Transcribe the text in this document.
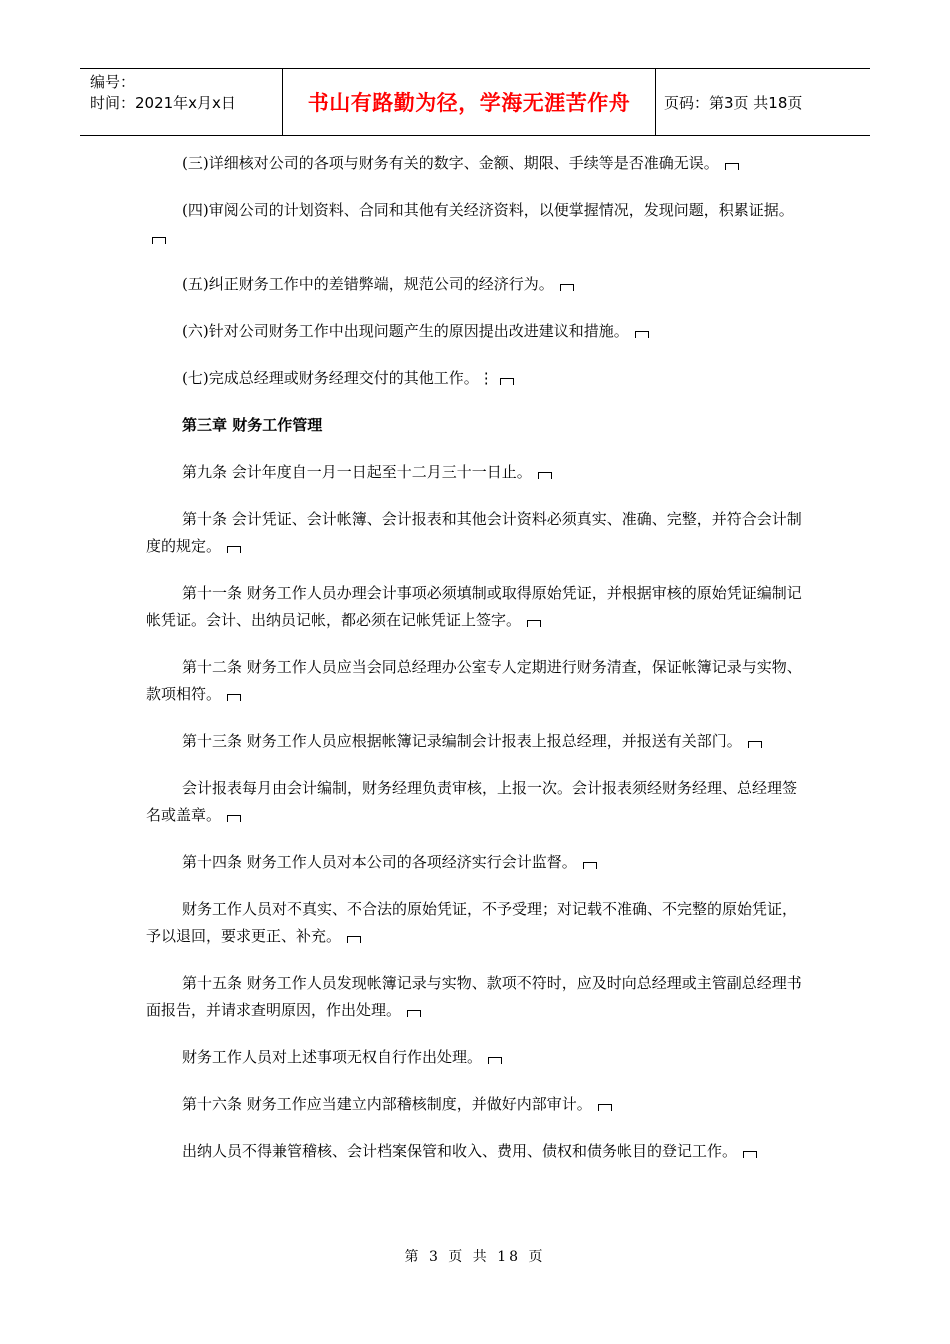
编号：
时间：2021年x月x日	书山有路勤为径，学海无涯苦作舟	页码：第3页 共18页

(三)详细核对公司的各项与财务有关的数字、金额、期限、手续等是否准确无误。

(四)审阅公司的计划资料、合同和其他有关经济资料，以便掌握情况，发现问题，积累证据。

(五)纠正财务工作中的差错弊端，规范公司的经济行为。

(六)针对公司财务工作中出现问题产生的原因提出改进建议和措施。

(七)完成总经理或财务经理交付的其他工作。⋮

第三章 财务工作管理

第九条 会计年度自一月一日起至十二月三十一日止。

第十条 会计凭证、会计帐簿、会计报表和其他会计资料必须真实、准确、完整，并符合会计制度的规定。

第十一条 财务工作人员办理会计事项必须填制或取得原始凭证，并根据审核的原始凭证编制记帐凭证。会计、出纳员记帐，都必须在记帐凭证上签字。

第十二条 财务工作人员应当会同总经理办公室专人定期进行财务清查，保证帐簿记录与实物、款项相符。

第十三条 财务工作人员应根据帐簿记录编制会计报表上报总经理，并报送有关部门。

会计报表每月由会计编制，财务经理负责审核，上报一次。会计报表须经财务经理、总经理签名或盖章。

第十四条 财务工作人员对本公司的各项经济实行会计监督。

财务工作人员对不真实、不合法的原始凭证，不予受理；对记载不准确、不完整的原始凭证，予以退回，要求更正、补充。

第十五条 财务工作人员发现帐簿记录与实物、款项不符时，应及时向总经理或主管副总经理书面报告，并请求查明原因，作出处理。

财务工作人员对上述事项无权自行作出处理。

第十六条 财务工作应当建立内部稽核制度，并做好内部审计。

出纳人员不得兼管稽核、会计档案保管和收入、费用、债权和债务帐目的登记工作。

第 3 页 共 18 页
